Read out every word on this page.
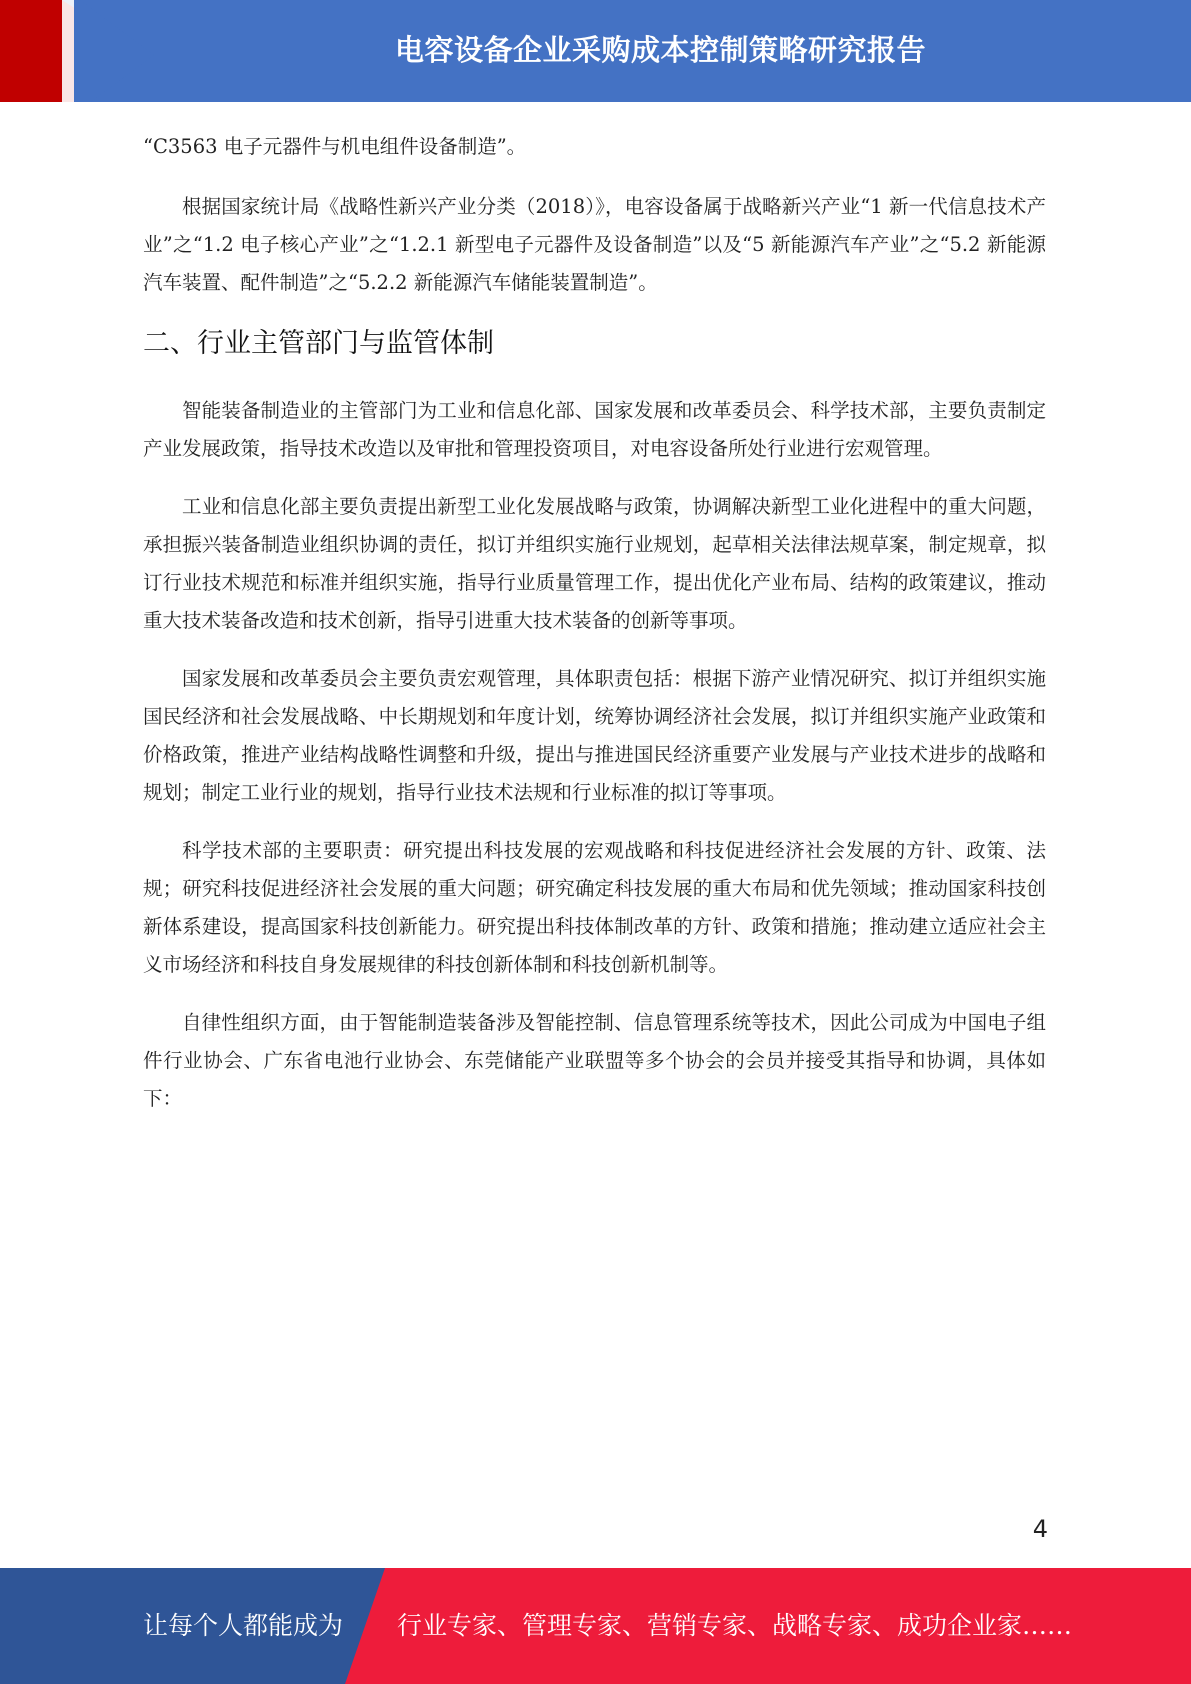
电容设备企业采购成本控制策略研究报告

“C3563 电子元器件与机电组件设备制造”。

根据国家统计局《战略性新兴产业分类（2018）》，电容设备属于战略新兴产业“1 新一代信息技术产业”之“1.2 电子核心产业”之“1.2.1 新型电子元器件及设备制造”以及“5 新能源汽车产业”之“5.2 新能源汽车装置、配件制造”之“5.2.2 新能源汽车储能装置制造”。

二、行业主管部门与监管体制

智能装备制造业的主管部门为工业和信息化部、国家发展和改革委员会、科学技术部，主要负责制定产业发展政策，指导技术改造以及审批和管理投资项目，对电容设备所处行业进行宏观管理。

工业和信息化部主要负责提出新型工业化发展战略与政策，协调解决新型工业化进程中的重大问题，承担振兴装备制造业组织协调的责任，拟订并组织实施行业规划，起草相关法律法规草案，制定规章，拟订行业技术规范和标准并组织实施，指导行业质量管理工作，提出优化产业布局、结构的政策建议，推动重大技术装备改造和技术创新，指导引进重大技术装备的创新等事项。

国家发展和改革委员会主要负责宏观管理，具体职责包括：根据下游产业情况研究、拟订并组织实施国民经济和社会发展战略、中长期规划和年度计划，统筹协调经济社会发展，拟订并组织实施产业政策和价格政策，推进产业结构战略性调整和升级，提出与推进国民经济重要产业发展与产业技术进步的战略和规划；制定工业行业的规划，指导行业技术法规和行业标准的拟订等事项。

科学技术部的主要职责：研究提出科技发展的宏观战略和科技促进经济社会发展的方针、政策、法规；研究科技促进经济社会发展的重大问题；研究确定科技发展的重大布局和优先领域；推动国家科技创新体系建设，提高国家科技创新能力。研究提出科技体制改革的方针、政策和措施；推动建立适应社会主义市场经济和科技自身发展规律的科技创新体制和科技创新机制等。

自律性组织方面，由于智能制造装备涉及智能控制、信息管理系统等技术，因此公司成为中国电子组件行业协会、广东省电池行业协会、东莞储能产业联盟等多个协会的会员并接受其指导和协调，具体如下：

4
让每个人都能成为 行业专家、管理专家、营销专家、战略专家、成功企业家……
